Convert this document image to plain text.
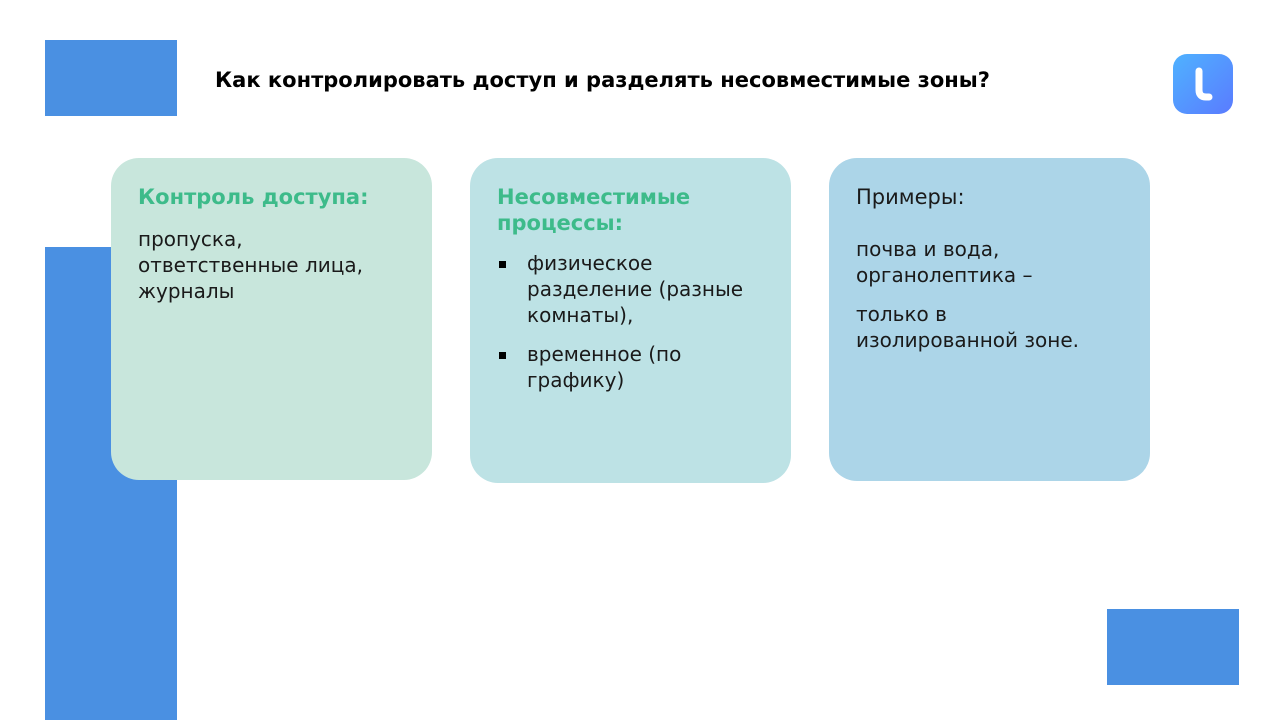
Как контролировать доступ и разделять несовместимые зоны?

Контроль доступа:

пропуска,
ответственные лица,
журналы

Несовместимые
процессы:

физическое
разделение (разные
комнаты),
временное (по
графику)

Примеры:

почва и вода,
органолептика –

только в
изолированной зоне.
